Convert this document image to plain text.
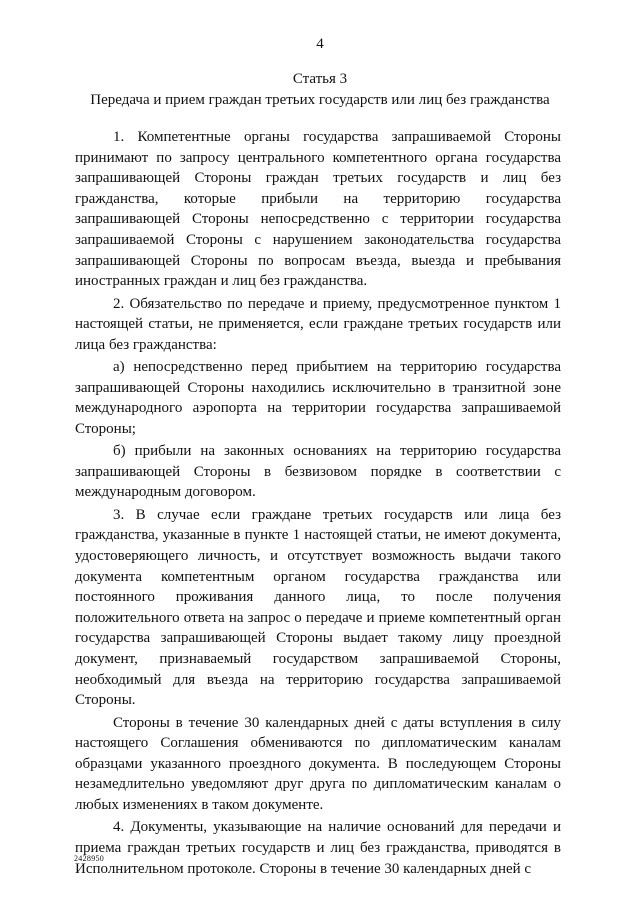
4
Статья 3
Передача и прием граждан третьих государств или лиц без гражданства

1. Компетентные органы государства запрашиваемой Стороны принимают по запросу центрального компетентного органа государства запрашивающей Стороны граждан третьих государств и лиц без гражданства, которые прибыли на территорию государства запрашивающей Стороны непосредственно с территории государства запрашиваемой Стороны с нарушением законодательства государства запрашивающей Стороны по вопросам въезда, выезда и пребывания иностранных граждан и лиц без гражданства.

2. Обязательство по передаче и приему, предусмотренное пунктом 1 настоящей статьи, не применяется, если граждане третьих государств или лица без гражданства:

а) непосредственно перед прибытием на территорию государства запрашивающей Стороны находились исключительно в транзитной зоне международного аэропорта на территории государства запрашиваемой Стороны;

б) прибыли на законных основаниях на территорию государства запрашивающей Стороны в безвизовом порядке в соответствии с международным договором.

3. В случае если граждане третьих государств или лица без гражданства, указанные в пункте 1 настоящей статьи, не имеют документа, удостоверяющего личность, и отсутствует возможность выдачи такого документа компетентным органом государства гражданства или постоянного проживания данного лица, то после получения положительного ответа на запрос о передаче и приеме компетентный орган государства запрашивающей Стороны выдает такому лицу проездной документ, признаваемый государством запрашиваемой Стороны, необходимый для въезда на территорию государства запрашиваемой Стороны.

Стороны в течение 30 календарных дней с даты вступления в силу настоящего Соглашения обмениваются по дипломатическим каналам образцами указанного проездного документа. В последующем Стороны незамедлительно уведомляют друг друга по дипломатическим каналам о любых изменениях в таком документе.

4. Документы, указывающие на наличие оснований для передачи и приема граждан третьих государств и лиц без гражданства, приводятся в Исполнительном протоколе. Стороны в течение 30 календарных дней с

2428950
